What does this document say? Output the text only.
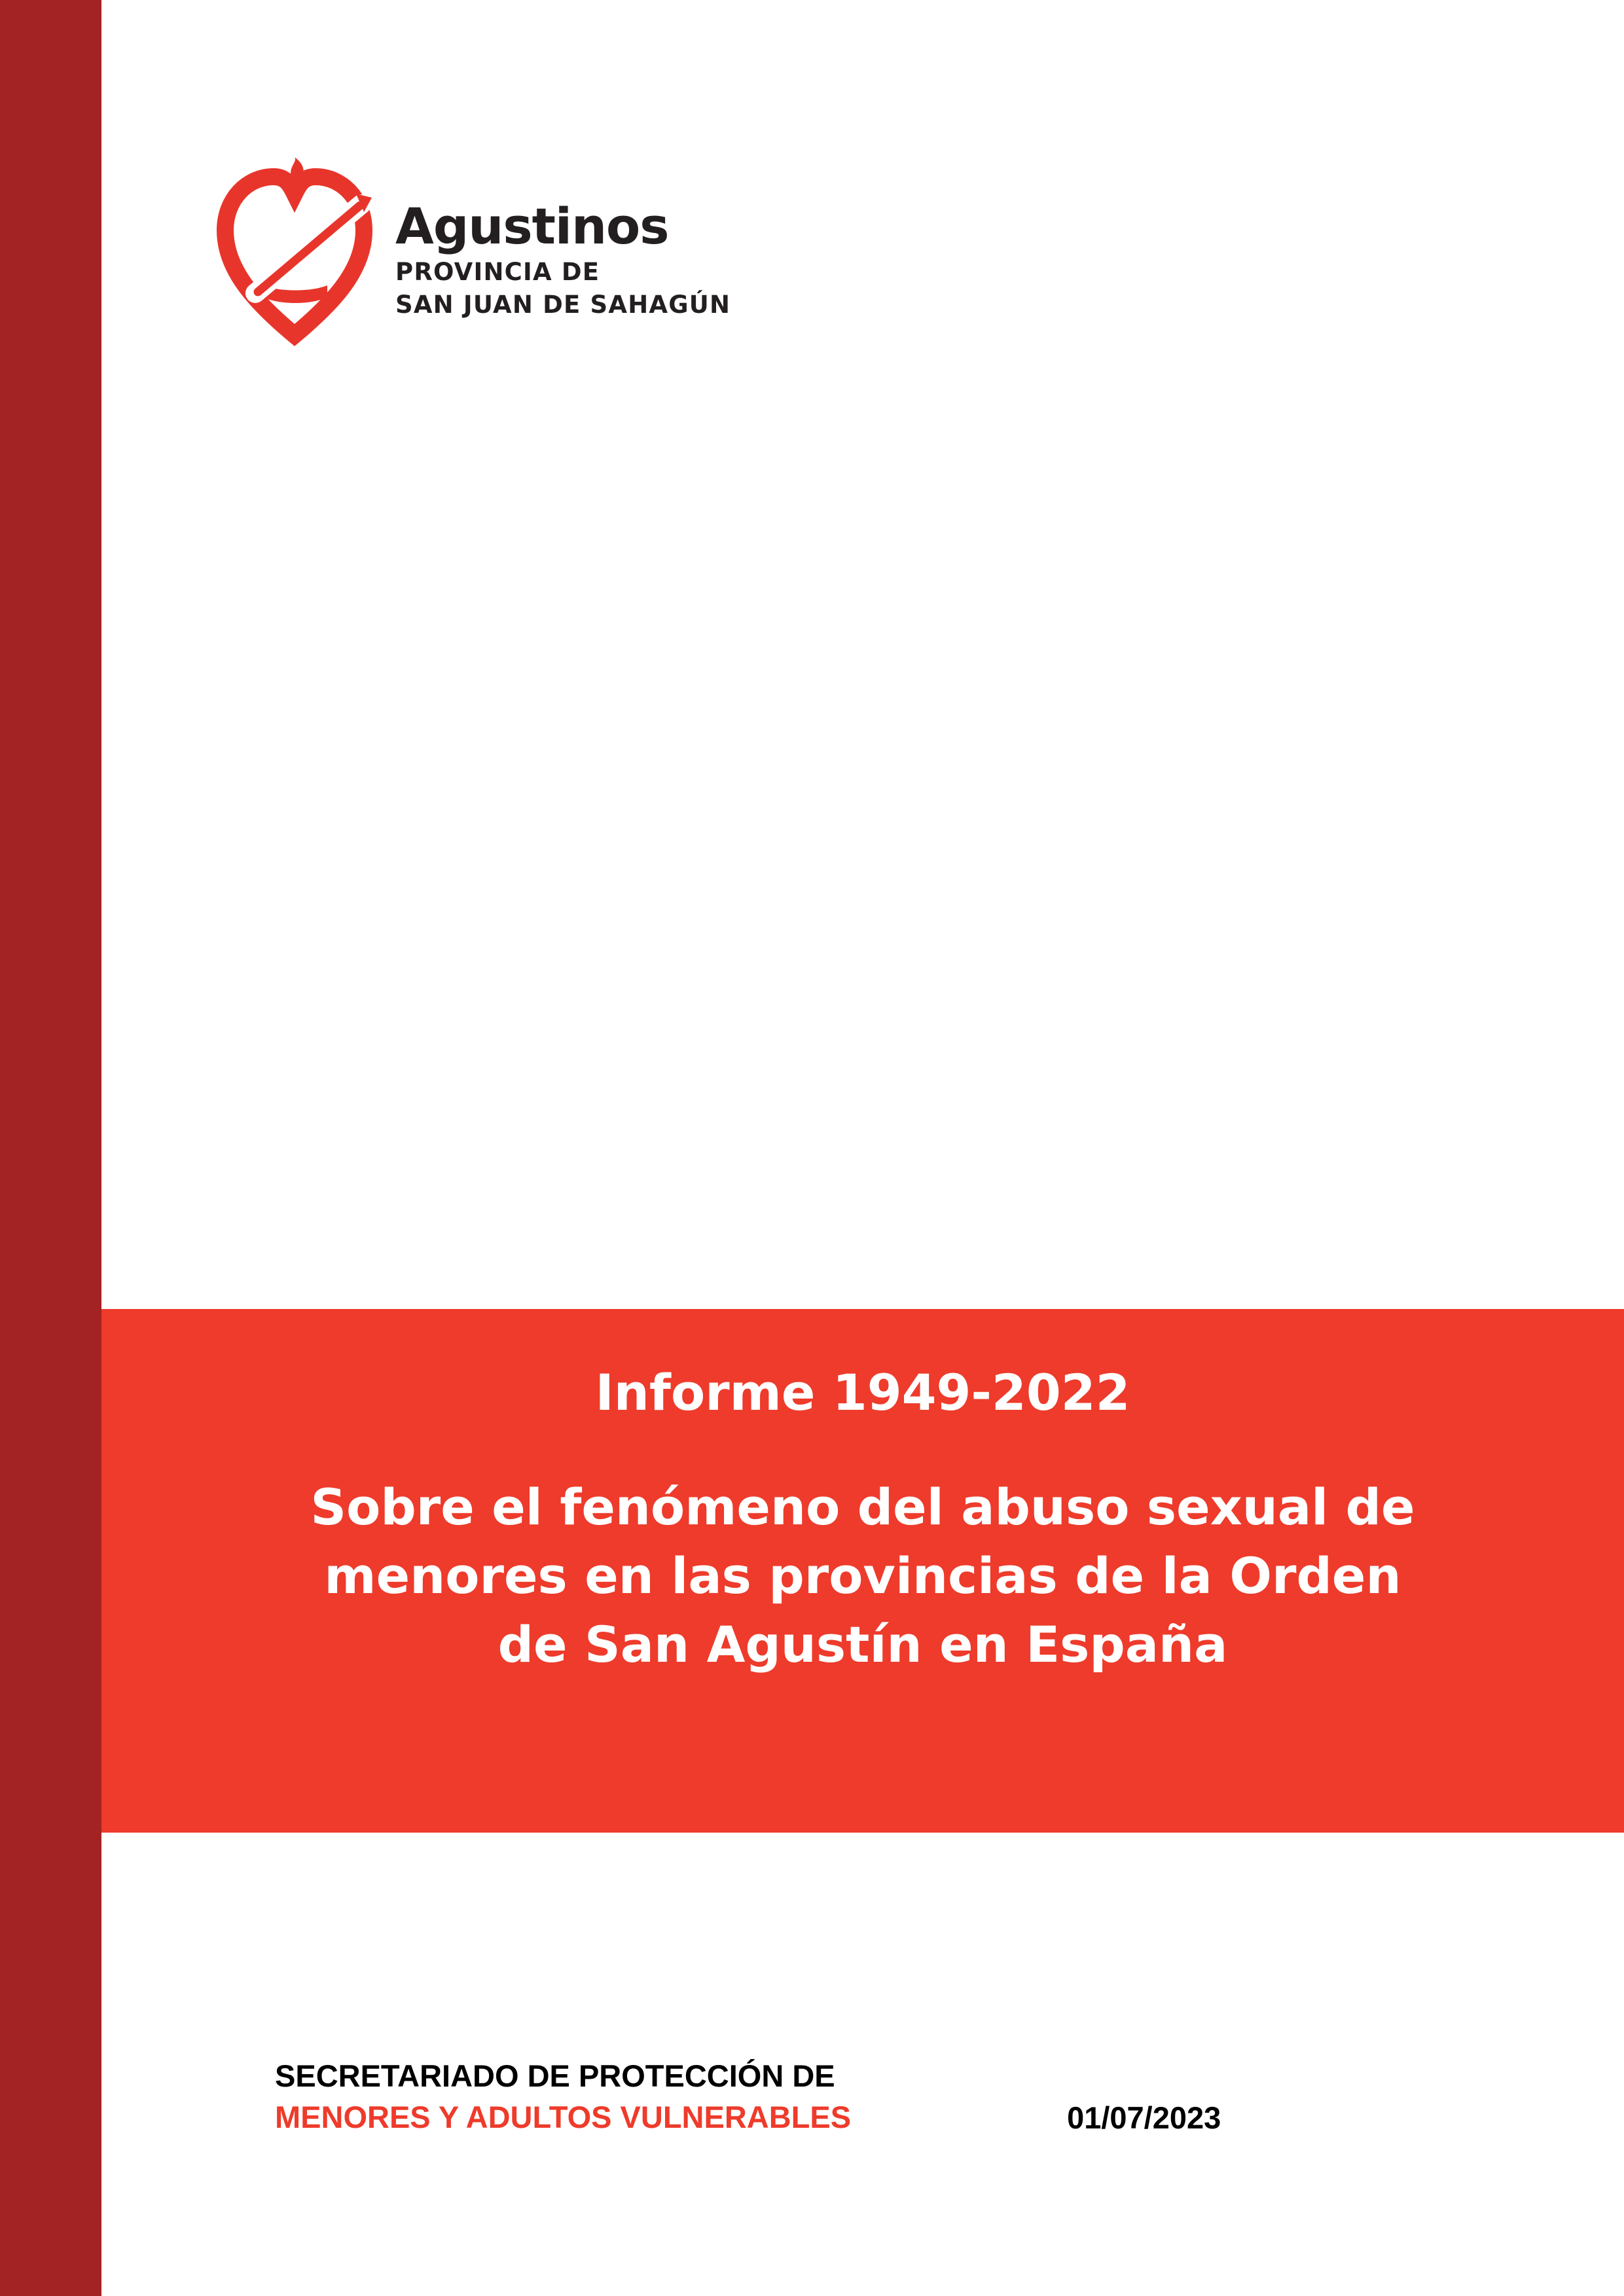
Agustinos
PROVINCIA DE
SAN JUAN DE SAHAGÚN

Informe 1949-2022

Sobre el fenómeno del abuso sexual de menores en las provincias de la Orden de San Agustín en España

SECRETARIADO DE PROTECCIÓN DE
MENORES Y ADULTOS VULNERABLES	01/07/2023
